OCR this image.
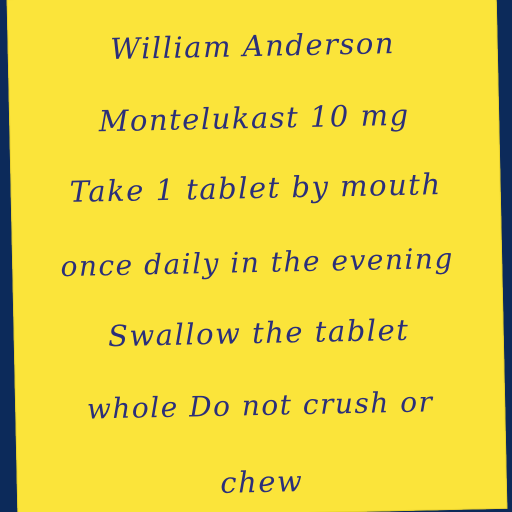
William Anderson
Montelukast 10 mg
Take 1 tablet by mouth
once daily in the evening
Swallow the tablet
whole Do not crush or
chew
